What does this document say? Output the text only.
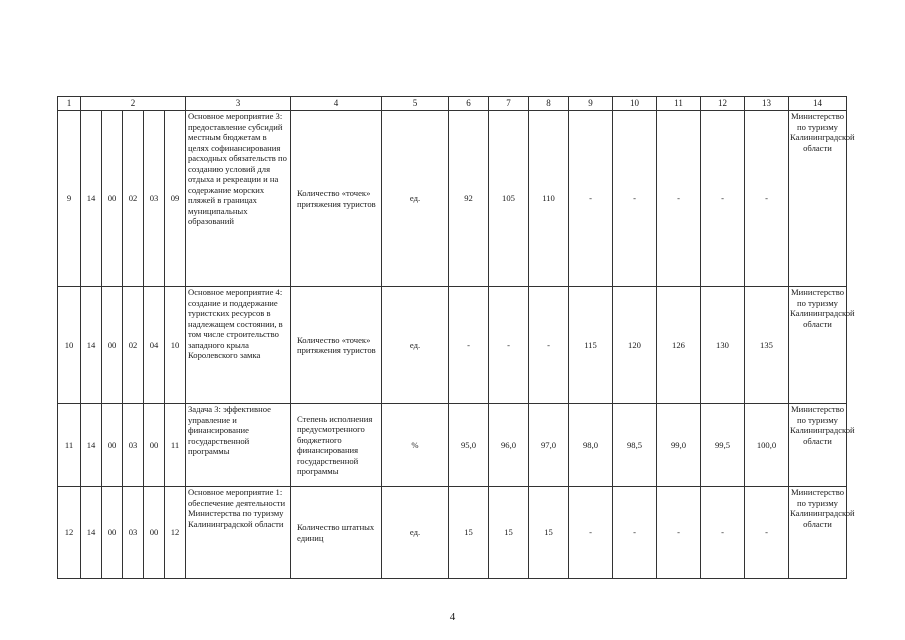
1	2					3	4	5	6	7	8	9	10	11	12	13	14
9	14	00	02	03	09	Основное мероприятие 3: предоставление субсидий местным бюджетам в целях софинансирования расходных обязательств по созданию условий для отдыха и рекреации и на содержание морских пляжей в границах муниципальных образований	Количество «точек» притяжения туристов	ед.	92	105	110	-	-	-	-	-	Министерство по туризму Калининградской области
10	14	00	02	04	10	Основное мероприятие 4: создание и поддержание туристских ресурсов в надлежащем состоянии, в том числе строительство западного крыла Королевского замка	Количество «точек» притяжения туристов	ед.	-	-	-	115	120	126	130	135	Министерство по туризму Калининградской области
11	14	00	03	00	11	Задача 3: эффективное управление и финансирование государственной программы	Степень исполнения предусмотренного бюджетного финансирования государственной программы	%	95,0	96,0	97,0	98,0	98,5	99,0	99,5	100,0	Министерство по туризму Калининградской области
12	14	00	03	00	12	Основное мероприятие 1: обеспечение деятельности Министерства по туризму Калининградской области	Количество штатных единиц	ед.	15	15	15	-	-	-	-	-	Министерство по туризму Калининградской области
4
